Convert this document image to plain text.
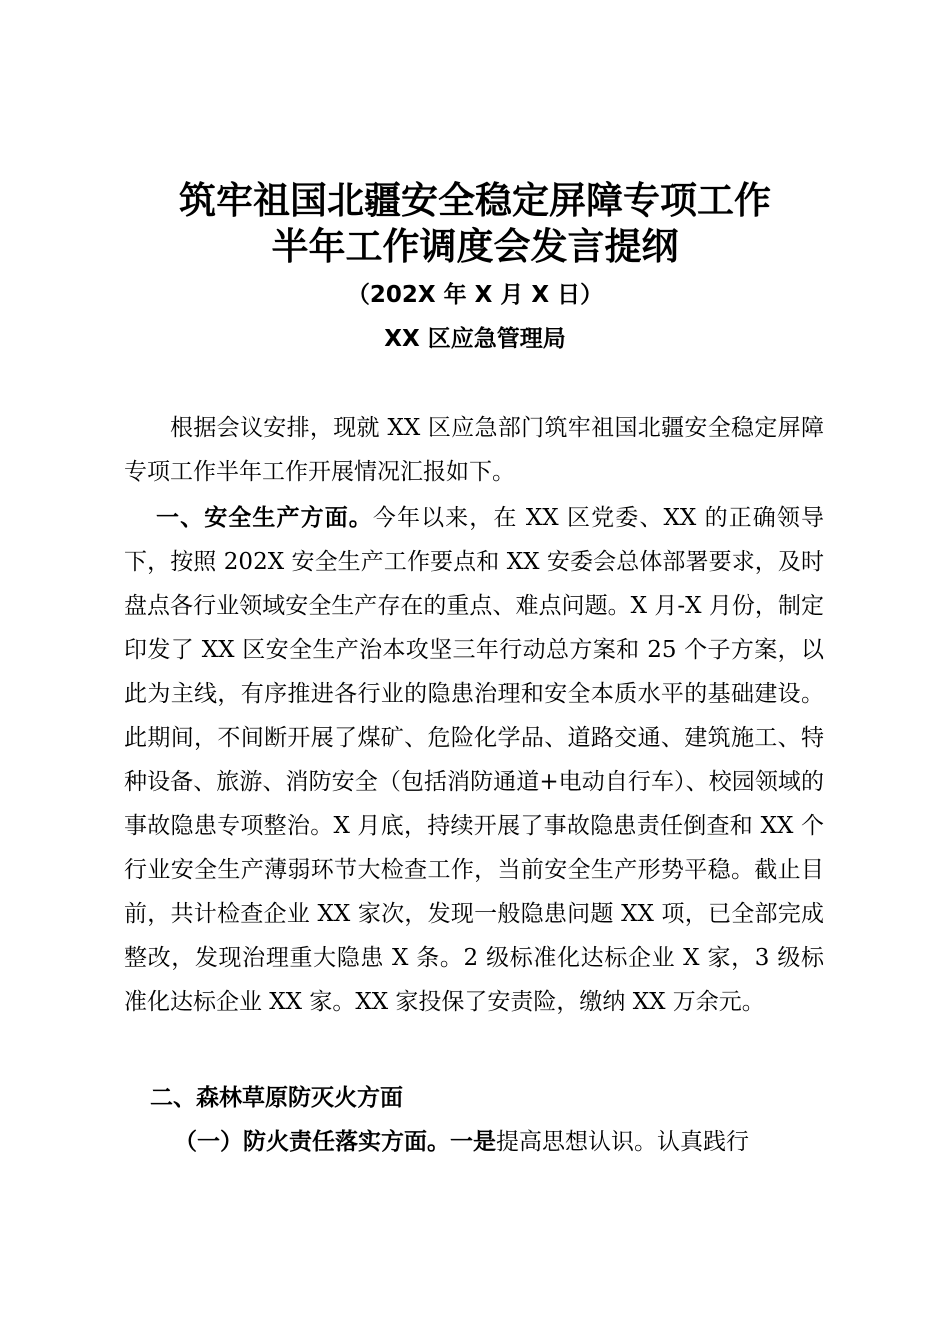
筑牢祖国北疆安全稳定屏障专项工作
半年工作调度会发言提纲
（202X 年 X 月 X 日）
XX 区应急管理局

根据会议安排，现就 XX 区应急部门筑牢祖国北疆安全稳定屏障专项工作半年工作开展情况汇报如下。

一、安全生产方面。今年以来，在 XX 区党委、XX 的正确领导下，按照 202X 安全生产工作要点和 XX 安委会总体部署要求，及时盘点各行业领域安全生产存在的重点、难点问题。X 月-X 月份，制定印发了 XX 区安全生产治本攻坚三年行动总方案和 25 个子方案，以此为主线，有序推进各行业的隐患治理和安全本质水平的基础建设。此期间，不间断开展了煤矿、危险化学品、道路交通、建筑施工、特种设备、旅游、消防安全（包括消防通道+电动自行车）、校园领域的事故隐患专项整治。X 月底，持续开展了事故隐患责任倒查和 XX 个行业安全生产薄弱环节大检查工作，当前安全生产形势平稳。截止目前，共计检查企业 XX 家次，发现一般隐患问题 XX 项，已全部完成整改，发现治理重大隐患 X 条。2 级标准化达标企业 X 家，3 级标准化达标企业 XX 家。XX 家投保了安责险，缴纳 XX 万余元。

二、森林草原防灭火方面
（一）防火责任落实方面。一是提高思想认识。认真践行
